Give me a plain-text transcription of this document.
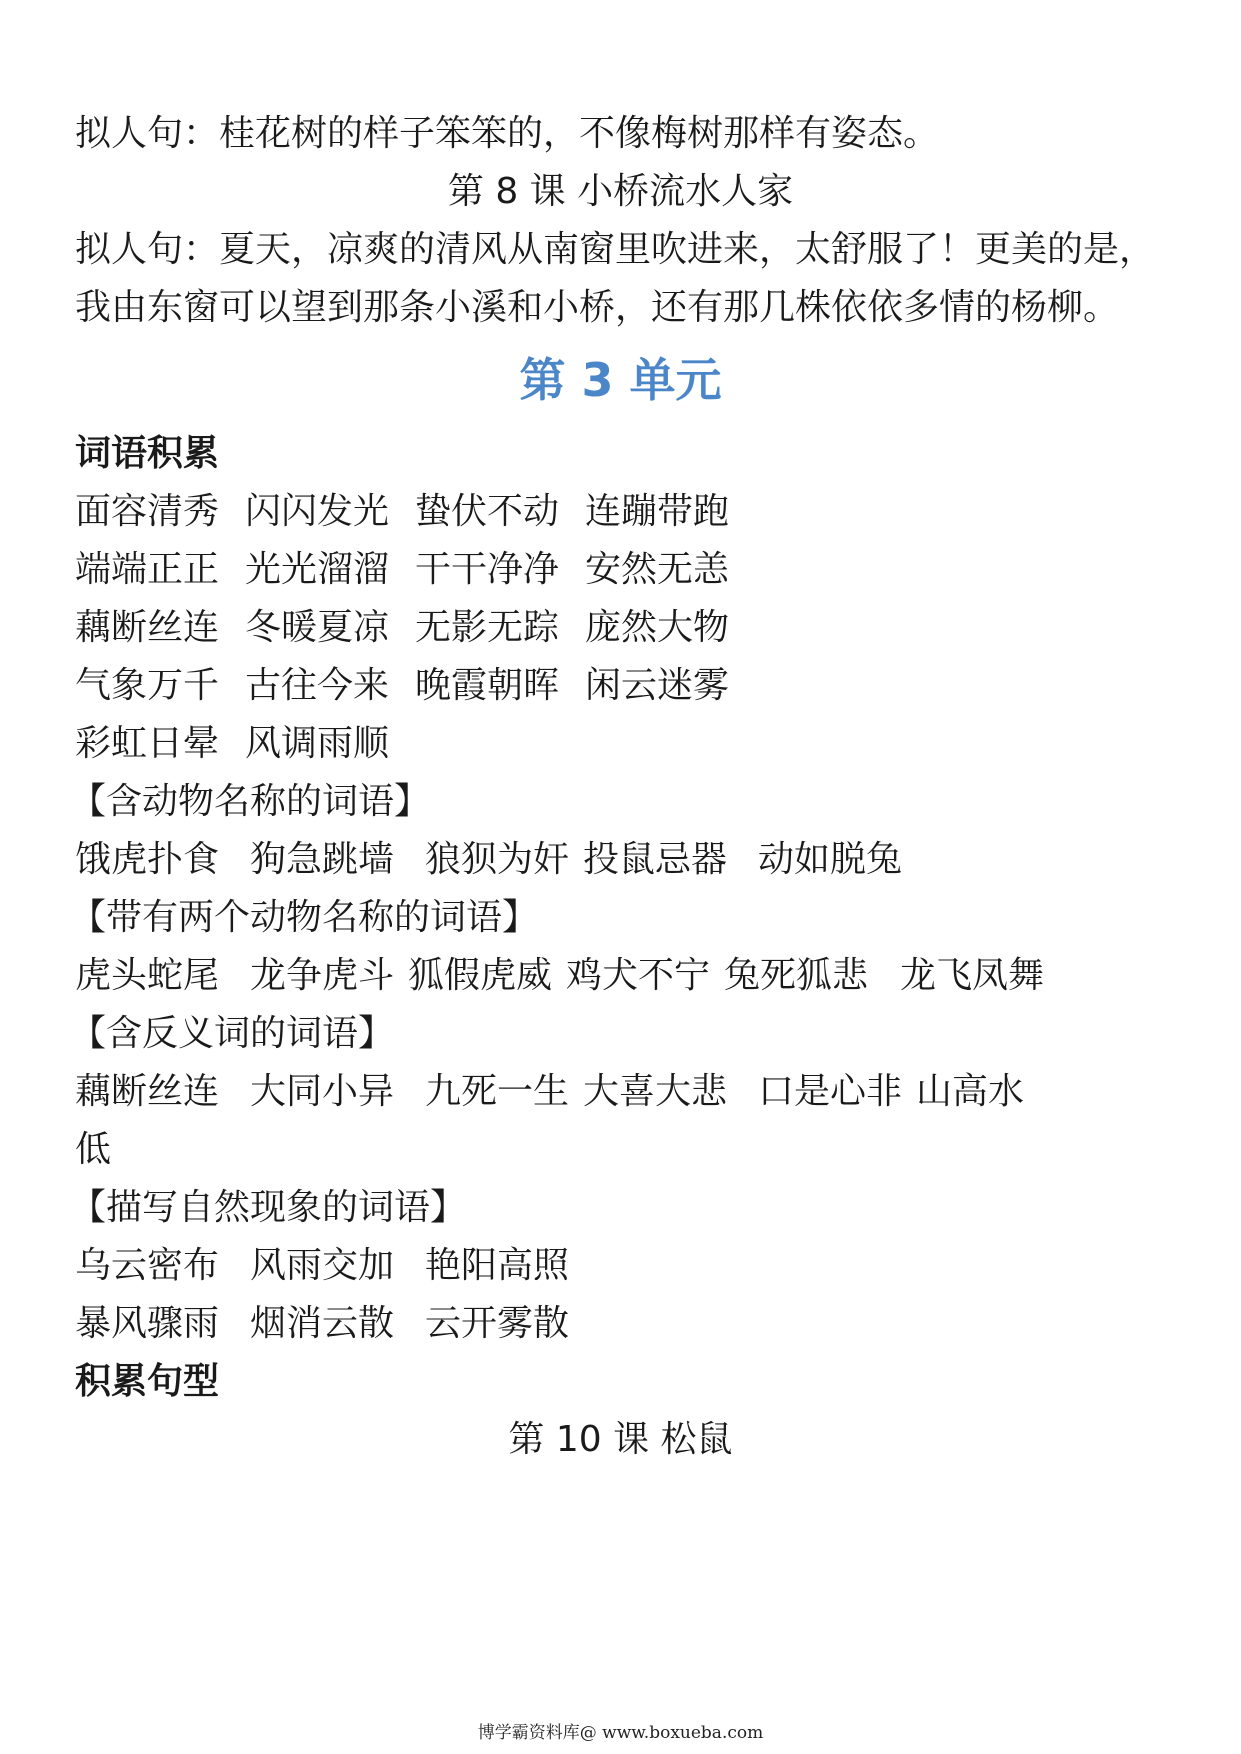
拟人句：桂花树的样子笨笨的，不像梅树那样有姿态。
第 8 课 小桥流水人家
拟人句：夏天，凉爽的清风从南窗里吹进来，太舒服了！更美的是，
我由东窗可以望到那条小溪和小桥，还有那几株依依多情的杨柳。
第 3 单元
词语积累
面容清秀 闪闪发光 蛰伏不动 连蹦带跑
端端正正 光光溜溜 干干净净 安然无恙
藕断丝连 冬暖夏凉 无影无踪 庞然大物
气象万千 古往今来 晚霞朝晖 闲云迷雾
彩虹日晕 风调雨顺
【含动物名称的词语】
饿虎扑食 狗急跳墙 狼狈为奸 投鼠忌器 动如脱兔
【带有两个动物名称的词语】
虎头蛇尾 龙争虎斗 狐假虎威 鸡犬不宁 兔死狐悲 龙飞凤舞
【含反义词的词语】
藕断丝连 大同小异 九死一生 大喜大悲 口是心非 山高水
低
【描写自然现象的词语】
乌云密布 风雨交加 艳阳高照
暴风骤雨 烟消云散 云开雾散
积累句型
第 10 课 松鼠
博学霸资料库@ www.boxueba.com
